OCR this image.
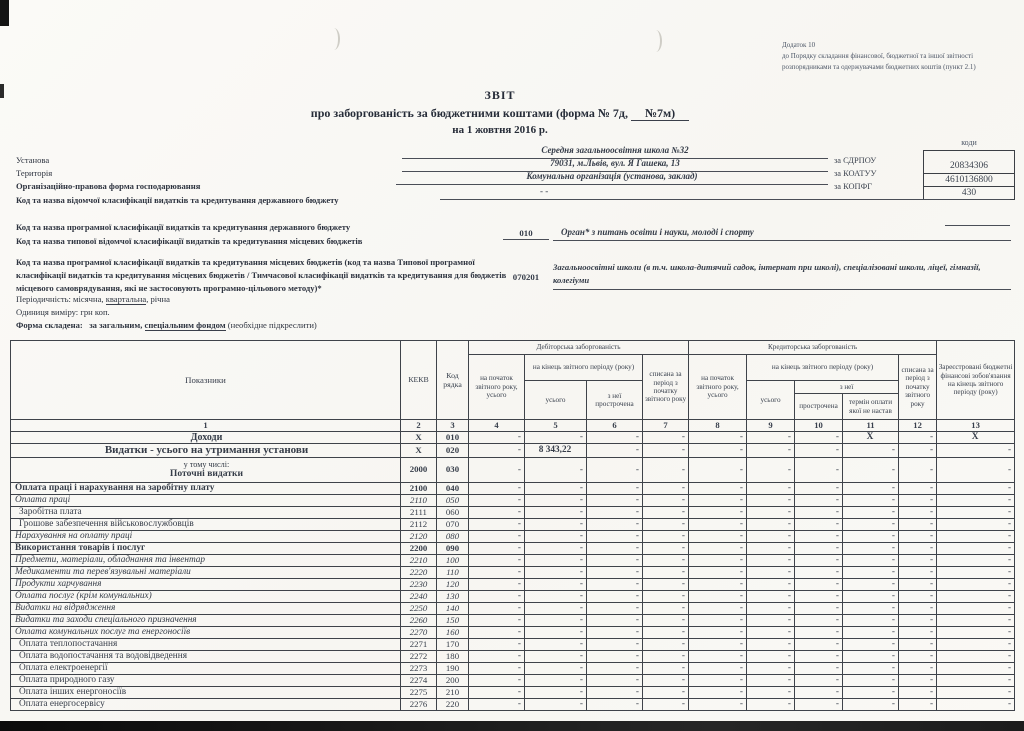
Додаток 10
до Порядку складання фінансової, бюджетної та іншої звітності
розпорядниками та одержувачами бюджетних коштів (пункт 2.1)
ЗВІТ
про заборгованість за бюджетними коштами (форма № 7д, №7м)
на 1 жовтня 2016 р.
коди
20834306
4610136800
430
Установа
Середня загальноосвітня школа №32
за СДРПОУ
Територія
79031, м.Львів, вул. Я Гашека, 13
за КОАТУУ
Організаційно-правова форма господарювання
Комунальна організація (установа, заклад)
за КОПФГ
Код та назва відомчої класифікації видатків та кредитування державного бюджету
- -
Код та назва програмної класифікації видатків та кредитування державного бюджету
Код та назва типової відомчої класифікації видатків та кредитування місцевих бюджетів
010	Орган* з питань освіти і науки, молоді і спорту
Код та назва програмної класифікації видатків та кредитування місцевих бюджетів (код та назва Типової програмної класифікації видатків та кредитування місцевих бюджетів / Тимчасової класифікації видатків та кредитування для бюджетів місцевого самоврядування, які не застосовують програмно-цільового методу)*
070201
Загальноосвітні школи (в т.ч. школа-дитячий садок, інтернат при школі), спеціалізовані школи, ліцеї, гімназії, колегіуми
Періодичність: місячна, квартальна, річна
Одиниця виміру: грн коп.
Форма складена: за загальним, спеціальним фондом (необхідне підкреслити)
Показники	КЕКВ	Код рядка	Дебіторська заборгованість				Кредиторська заборгованість					Зареєстровані бюджетні фінансові зобов'язання на кінець звітного періоду (року)
			на початок звітного року, усього	на кінець звітного періоду (року)		списана за період з початку звітного року	на початок звітного року, усього	на кінець звітного періоду (року)			списана за період з початку звітного року	
				усього	з неї прострочена			усього	з неї			
									прострочена	термін оплати якої не настав		
1	2	3	4	5	6	7	8	9	10	11	12	13
Доходи	X	010	-	-	-	-	-	-	-	X	-	X
Видатки - усього на утримання установи	X	020	-	8 343,22	-	-	-	-	-	-	-	-

у тому числі:
Поточні видатки	2000	030	-	-	-	-	-	-	-	-	-	-
Оплата праці і нарахування на заробітну плату	2100	040	-	-	-	-	-	-	-	-	-	-
Оплата праці	2110	050	-	-	-	-	-	-	-	-	-	-
Заробітна плата	2111	060	-	-	-	-	-	-	-	-	-	-
Грошове забезпечення військовослужбовців	2112	070	-	-	-	-	-	-	-	-	-	-
Нарахування на оплату праці	2120	080	-	-	-	-	-	-	-	-	-	-
Використання товарів і послуг	2200	090	-	-	-	-	-	-	-	-	-	-
Предмети, матеріали, обладнання та інвентар	2210	100	-	-	-	-	-	-	-	-	-	-
Медикаменти та перев'язувальні матеріали	2220	110	-	-	-	-	-	-	-	-	-	-
Продукти харчування	2230	120	-	-	-	-	-	-	-	-	-	-
Оплата послуг (крім комунальних)	2240	130	-	-	-	-	-	-	-	-	-	-
Видатки на відрядження	2250	140	-	-	-	-	-	-	-	-	-	-
Видатки та заходи спеціального призначення	2260	150	-	-	-	-	-	-	-	-	-	-
Оплата комунальних послуг та енергоносіїв	2270	160	-	-	-	-	-	-	-	-	-	-
Оплата теплопостачання	2271	170	-	-	-	-	-	-	-	-	-	-
Оплата водопостачання та водовідведення	2272	180	-	-	-	-	-	-	-	-	-	-
Оплата електроенергії	2273	190	-	-	-	-	-	-	-	-	-	-
Оплата природного газу	2274	200	-	-	-	-	-	-	-	-	-	-
Оплата інших енергоносіїв	2275	210	-	-	-	-	-	-	-	-	-	-
Оплата енергосервісу	2276	220	-	-	-	-	-	-	-	-	-	-
